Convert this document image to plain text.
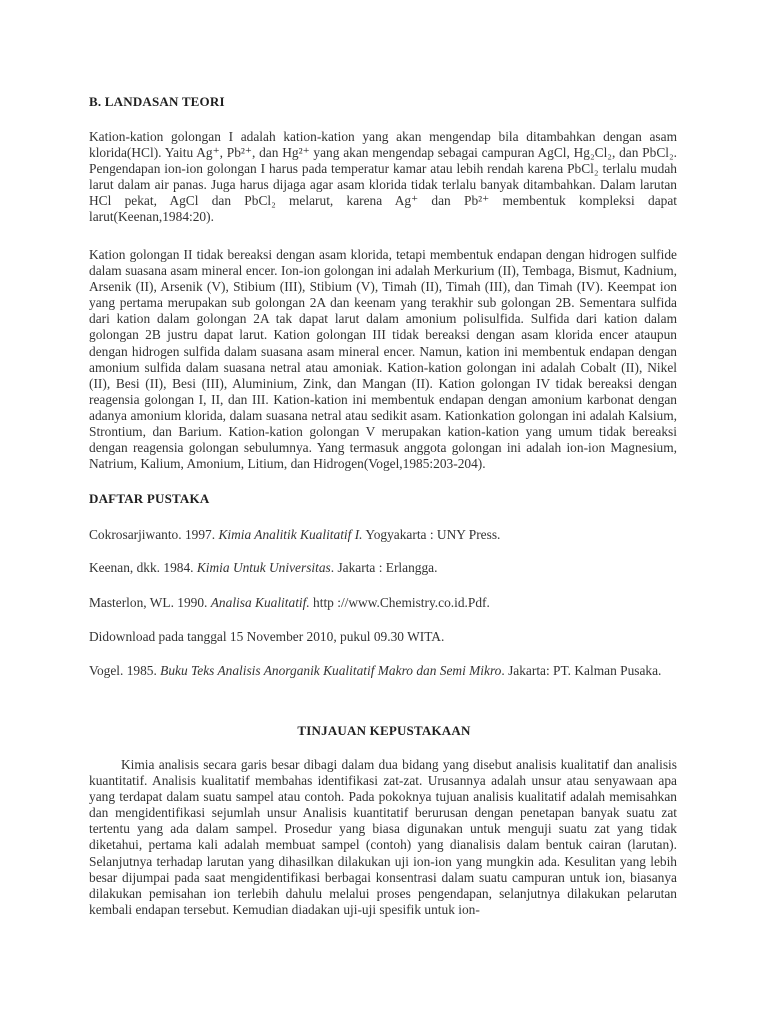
B. LANDASAN TEORI

Kation-kation golongan I adalah kation-kation yang akan mengendap bila ditambahkan dengan asam klorida(HCl). Yaitu Ag⁺, Pb²⁺, dan Hg²⁺ yang akan mengendap sebagai campuran AgCl, Hg₂Cl₂, dan PbCl₂. Pengendapan ion-ion golongan I harus pada temperatur kamar atau lebih rendah karena PbCl₂ terlalu mudah larut dalam air panas. Juga harus dijaga agar asam klorida tidak terlalu banyak ditambahkan. Dalam larutan HCl pekat, AgCl dan PbCl₂ melarut, karena Ag⁺ dan Pb²⁺ membentuk kompleksi dapat larut(Keenan,1984:20).

Kation golongan II tidak bereaksi dengan asam klorida, tetapi membentuk endapan dengan hidrogen sulfide dalam suasana asam mineral encer. Ion-ion golongan ini adalah Merkurium (II), Tembaga, Bismut, Kadnium, Arsenik (II), Arsenik (V), Stibium (III), Stibium (V), Timah (II), Timah (III), dan Timah (IV). Keempat ion yang pertama merupakan sub golongan 2A dan keenam yang terakhir sub golongan 2B. Sementara sulfida dari kation dalam golongan 2A tak dapat larut dalam amonium polisulfida. Sulfida dari kation dalam golongan 2B justru dapat larut. Kation golongan III tidak bereaksi dengan asam klorida encer ataupun dengan hidrogen sulfida dalam suasana asam mineral encer. Namun, kation ini membentuk endapan dengan amonium sulfida dalam suasana netral atau amoniak. Kation-kation golongan ini adalah Cobalt (II), Nikel (II), Besi (II), Besi (III), Aluminium, Zink, dan Mangan (II). Kation golongan IV tidak bereaksi dengan reagensia golongan I, II, dan III. Kation-kation ini membentuk endapan dengan amonium karbonat dengan adanya amonium klorida, dalam suasana netral atau sedikit asam. Kationkation golongan ini adalah Kalsium, Strontium, dan Barium. Kation-kation golongan V merupakan kation-kation yang umum tidak bereaksi dengan reagensia golongan sebulumnya. Yang termasuk anggota golongan ini adalah ion-ion Magnesium, Natrium, Kalium, Amonium, Litium, dan Hidrogen(Vogel,1985:203-204).

DAFTAR PUSTAKA

Cokrosarjiwanto. 1997. Kimia Analitik Kualitatif I. Yogyakarta : UNY Press.

Keenan, dkk. 1984. Kimia Untuk Universitas. Jakarta : Erlangga.

Masterlon, WL. 1990. Analisa Kualitatif. http ://www.Chemistry.co.id.Pdf.

Didownload pada tanggal 15 November 2010, pukul 09.30 WITA.

Vogel. 1985. Buku Teks Analisis Anorganik Kualitatif Makro dan Semi Mikro. Jakarta: PT. Kalman Pusaka.

TINJAUAN KEPUSTAKAAN

Kimia analisis secara garis besar dibagi dalam dua bidang yang disebut analisis kualitatif dan analisis kuantitatif. Analisis kualitatif membahas identifikasi zat-zat. Urusannya adalah unsur atau senyawaan apa yang terdapat dalam suatu sampel atau contoh. Pada pokoknya tujuan analisis kualitatif adalah memisahkan dan mengidentifikasi sejumlah unsur Analisis kuantitatif berurusan dengan penetapan banyak suatu zat tertentu yang ada dalam sampel. Prosedur yang biasa digunakan untuk menguji suatu zat yang tidak diketahui, pertama kali adalah membuat sampel (contoh) yang dianalisis dalam bentuk cairan (larutan). Selanjutnya terhadap larutan yang dihasilkan dilakukan uji ion-ion yang mungkin ada. Kesulitan yang lebih besar dijumpai pada saat mengidentifikasi berbagai konsentrasi dalam suatu campuran untuk ion, biasanya dilakukan pemisahan ion terlebih dahulu melalui proses pengendapan, selanjutnya dilakukan pelarutan kembali endapan tersebut. Kemudian diadakan uji-uji spesifik untuk ion-
